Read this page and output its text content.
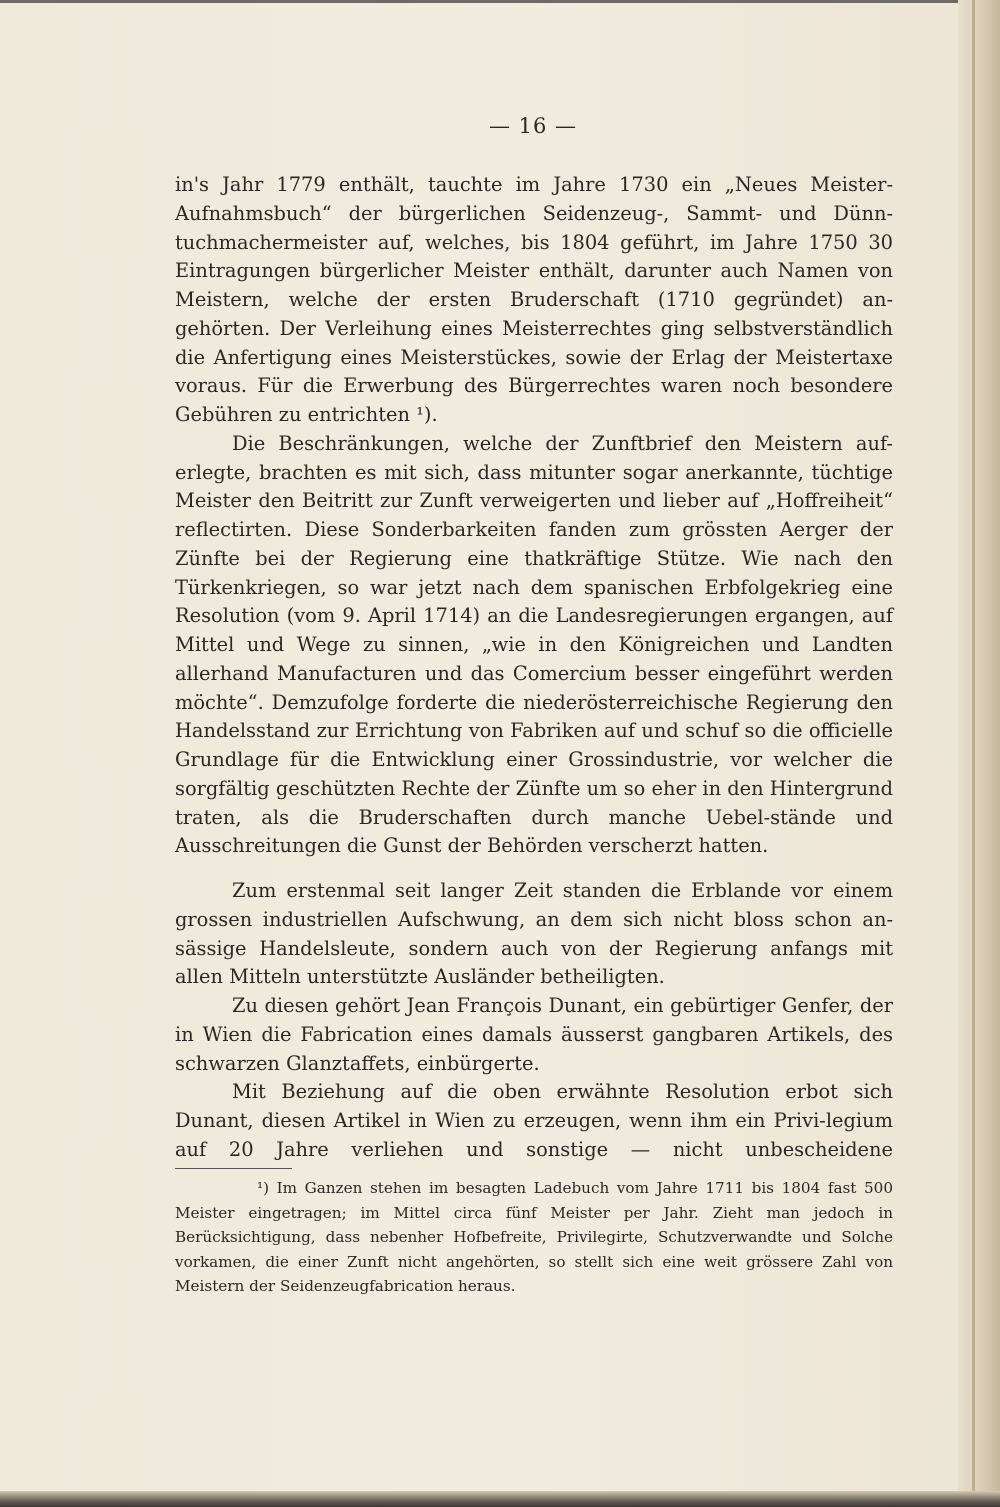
— 16 —

in's Jahr 1779 enthält, tauchte im Jahre 1730 ein „Neues Meister-Aufnahmsbuch“ der bürgerlichen Seidenzeug-, Sammt- und Dünn-tuchmachermeister auf, welches, bis 1804 geführt, im Jahre 1750 30 Eintragungen bürgerlicher Meister enthält, darunter auch Namen von Meistern, welche der ersten Bruderschaft (1710 gegründet) an-gehörten. Der Verleihung eines Meisterrechtes ging selbstverständlich die Anfertigung eines Meisterstückes, sowie der Erlag der Meistertaxe voraus. Für die Erwerbung des Bürgerrechtes waren noch besondere Gebühren zu entrichten ¹).

Die Beschränkungen, welche der Zunftbrief den Meistern auf-erlegte, brachten es mit sich, dass mitunter sogar anerkannte, tüchtige Meister den Beitritt zur Zunft verweigerten und lieber auf „Hoffreiheit“ reflectirten. Diese Sonderbarkeiten fanden zum grössten Aerger der Zünfte bei der Regierung eine thatkräftige Stütze. Wie nach den Türkenkriegen, so war jetzt nach dem spanischen Erbfolgekrieg eine Resolution (vom 9. April 1714) an die Landesregierungen ergangen, auf Mittel und Wege zu sinnen, „wie in den Königreichen und Landten allerhand Manufacturen und das Comercium besser eingeführt werden möchte“. Demzufolge forderte die niederösterreichische Regierung den Handelsstand zur Errichtung von Fabriken auf und schuf so die officielle Grundlage für die Entwicklung einer Grossindustrie, vor welcher die sorgfältig geschützten Rechte der Zünfte um so eher in den Hintergrund traten, als die Bruderschaften durch manche Uebel-stände und Ausschreitungen die Gunst der Behörden verscherzt hatten.

Zum erstenmal seit langer Zeit standen die Erblande vor einem grossen industriellen Aufschwung, an dem sich nicht bloss schon an-sässige Handelsleute, sondern auch von der Regierung anfangs mit allen Mitteln unterstützte Ausländer betheiligten.

Zu diesen gehört Jean François Dunant, ein gebürtiger Genfer, der in Wien die Fabrication eines damals äusserst gangbaren Artikels, des schwarzen Glanztaffets, einbürgerte.

Mit Beziehung auf die oben erwähnte Resolution erbot sich Dunant, diesen Artikel in Wien zu erzeugen, wenn ihm ein Privi-legium auf 20 Jahre verliehen und sonstige — nicht unbescheidene

¹) Im Ganzen stehen im besagten Ladebuch vom Jahre 1711 bis 1804 fast 500 Meister eingetragen; im Mittel circa fünf Meister per Jahr. Zieht man jedoch in Berücksichtigung, dass nebenher Hofbefreite, Privilegirte, Schutzverwandte und Solche vorkamen, die einer Zunft nicht angehörten, so stellt sich eine weit grössere Zahl von Meistern der Seidenzeugfabrication heraus.
